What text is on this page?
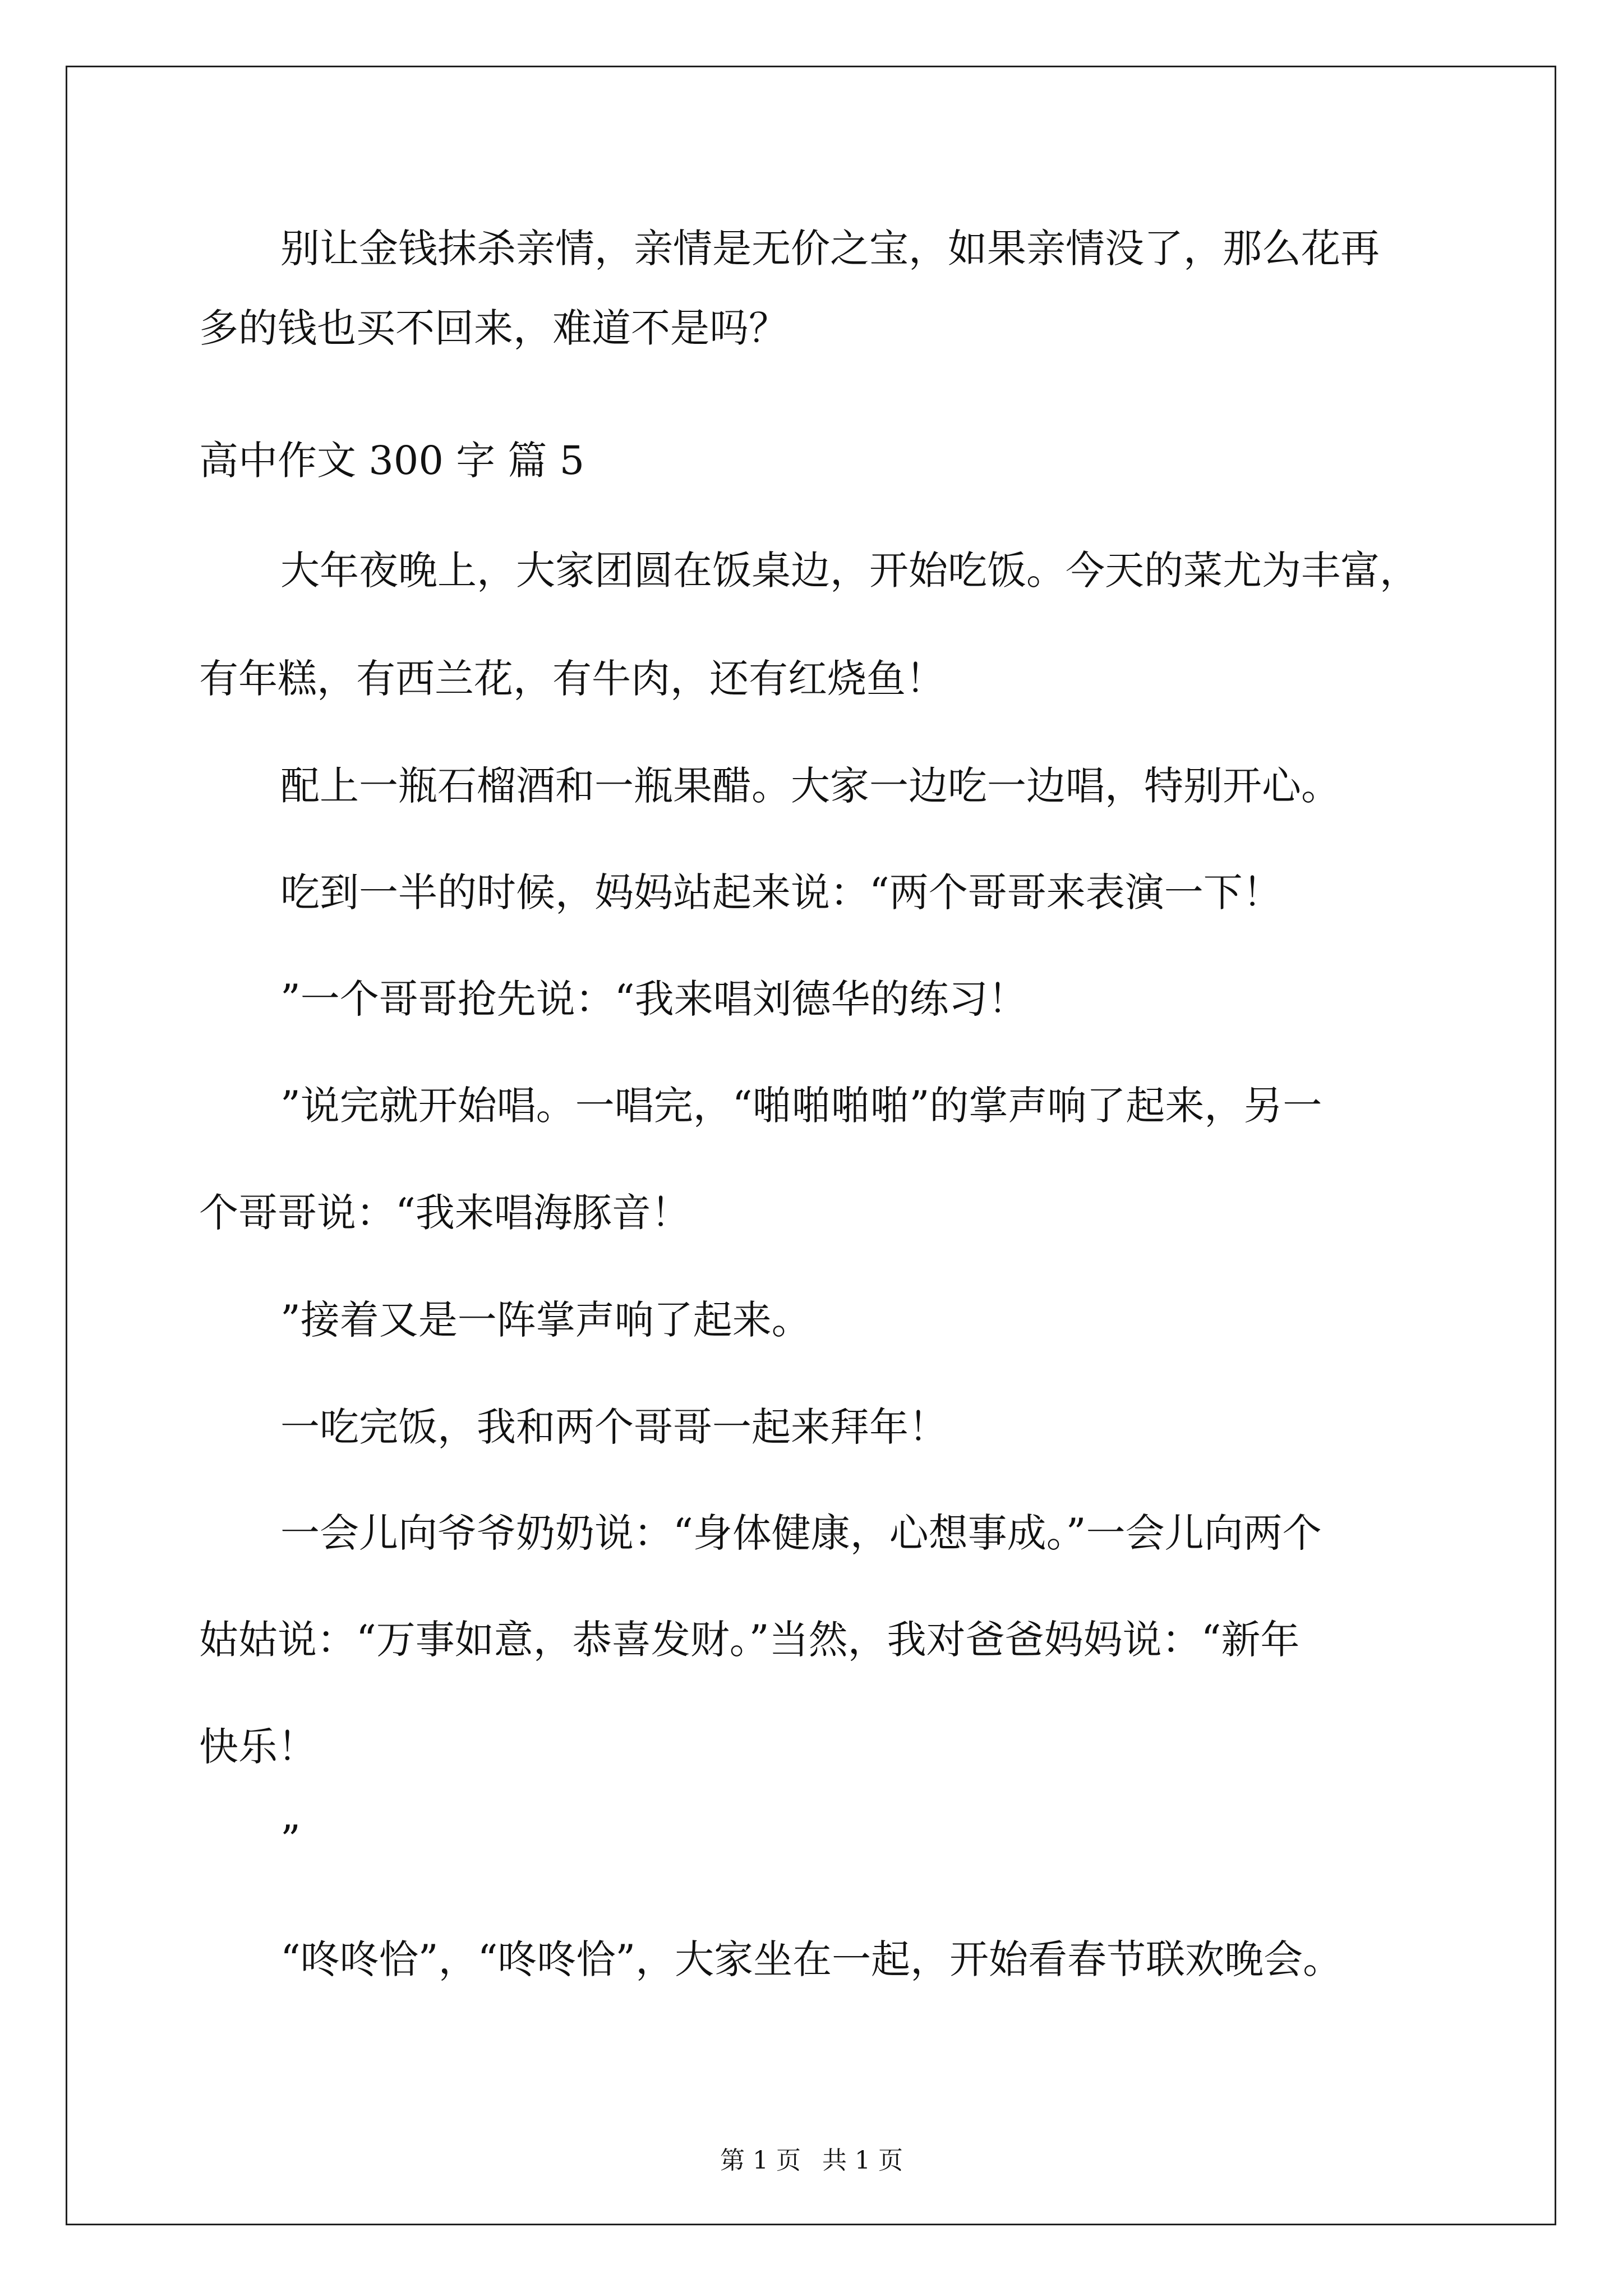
别让金钱抹杀亲情，亲情是无价之宝，如果亲情没了，那么花再
多的钱也买不回来，难道不是吗？
高中作文 300 字 篇 5
大年夜晚上，大家团圆在饭桌边，开始吃饭。今天的菜尤为丰富，
有年糕，有西兰花，有牛肉，还有红烧鱼！
配上一瓶石榴酒和一瓶果醋。大家一边吃一边唱，特别开心。
吃到一半的时候，妈妈站起来说：“两个哥哥来表演一下！
”一个哥哥抢先说：“我来唱刘德华的练习！
”说完就开始唱。一唱完，“啪啪啪啪”的掌声响了起来，另一
个哥哥说：“我来唱海豚音！
”接着又是一阵掌声响了起来。
一吃完饭，我和两个哥哥一起来拜年！
一会儿向爷爷奶奶说：“身体健康，心想事成。”一会儿向两个
姑姑说：“万事如意，恭喜发财。”当然，我对爸爸妈妈说：“新年
快乐！
”
“咚咚恰”，“咚咚恰”，大家坐在一起，开始看春节联欢晚会。
第 1 页 共 1 页
